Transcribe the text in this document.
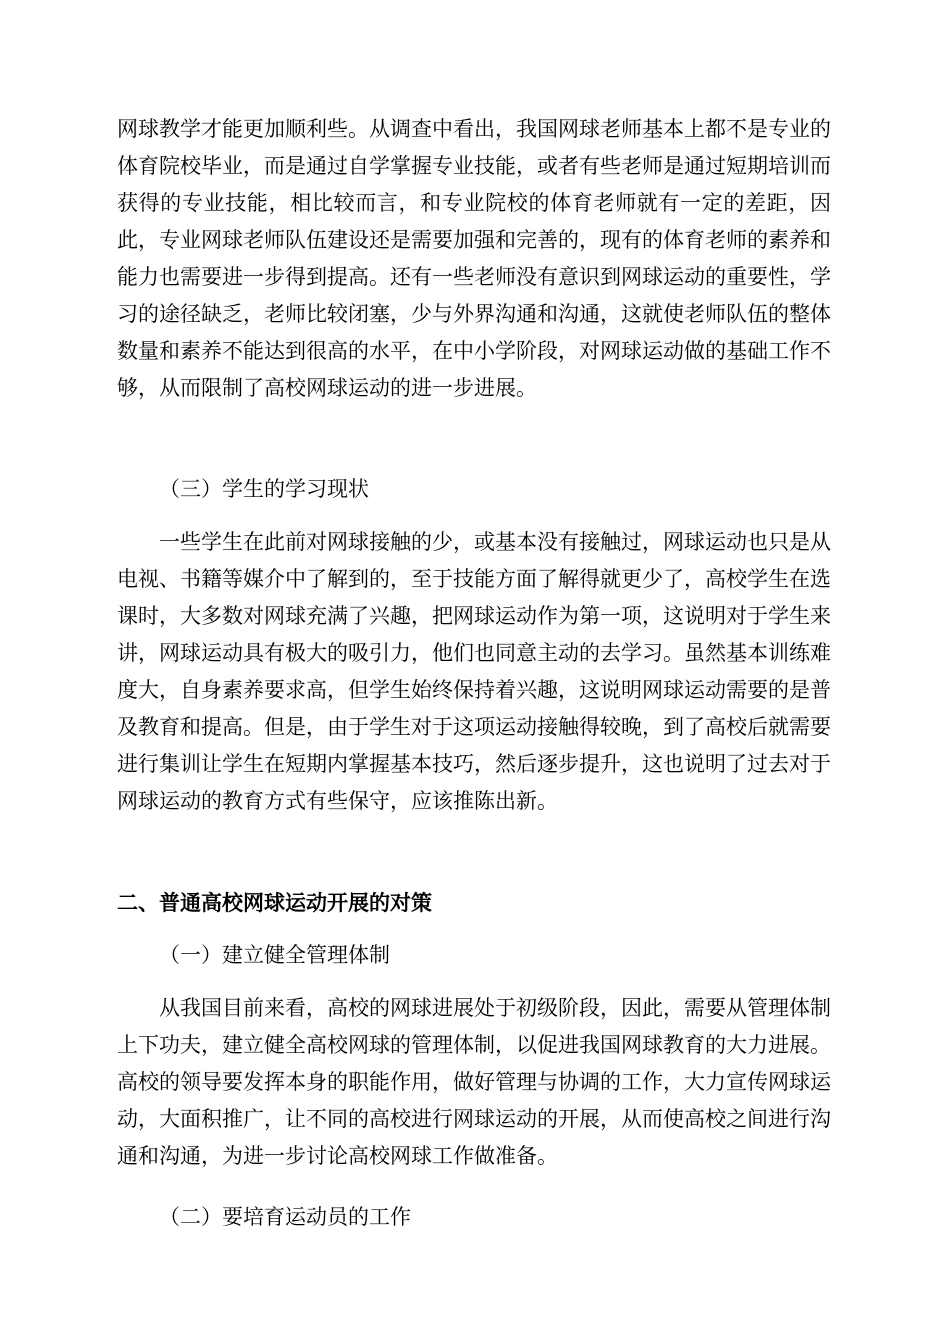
网球教学才能更加顺利些。从调查中看出，我国网球老师基本上都不是专业的体育院校毕业，而是通过自学掌握专业技能，或者有些老师是通过短期培训而获得的专业技能，相比较而言，和专业院校的体育老师就有一定的差距，因此，专业网球老师队伍建设还是需要加强和完善的，现有的体育老师的素养和能力也需要进一步得到提高。还有一些老师没有意识到网球运动的重要性，学习的途径缺乏，老师比较闭塞，少与外界沟通和沟通，这就使老师队伍的整体数量和素养不能达到很高的水平，在中小学阶段，对网球运动做的基础工作不够，从而限制了高校网球运动的进一步进展。

（三）学生的学习现状

一些学生在此前对网球接触的少，或基本没有接触过，网球运动也只是从电视、书籍等媒介中了解到的，至于技能方面了解得就更少了，高校学生在选课时，大多数对网球充满了兴趣，把网球运动作为第一项，这说明对于学生来讲，网球运动具有极大的吸引力，他们也同意主动的去学习。虽然基本训练难度大，自身素养要求高，但学生始终保持着兴趣，这说明网球运动需要的是普及教育和提高。但是，由于学生对于这项运动接触得较晚，到了高校后就需要进行集训让学生在短期内掌握基本技巧，然后逐步提升，这也说明了过去对于网球运动的教育方式有些保守，应该推陈出新。

二、普通高校网球运动开展的对策

（一）建立健全管理体制

从我国目前来看，高校的网球进展处于初级阶段，因此，需要从管理体制上下功夫，建立健全高校网球的管理体制，以促进我国网球教育的大力进展。高校的领导要发挥本身的职能作用，做好管理与协调的工作，大力宣传网球运动，大面积推广，让不同的高校进行网球运动的开展，从而使高校之间进行沟通和沟通，为进一步讨论高校网球工作做准备。

（二）要培育运动员的工作
